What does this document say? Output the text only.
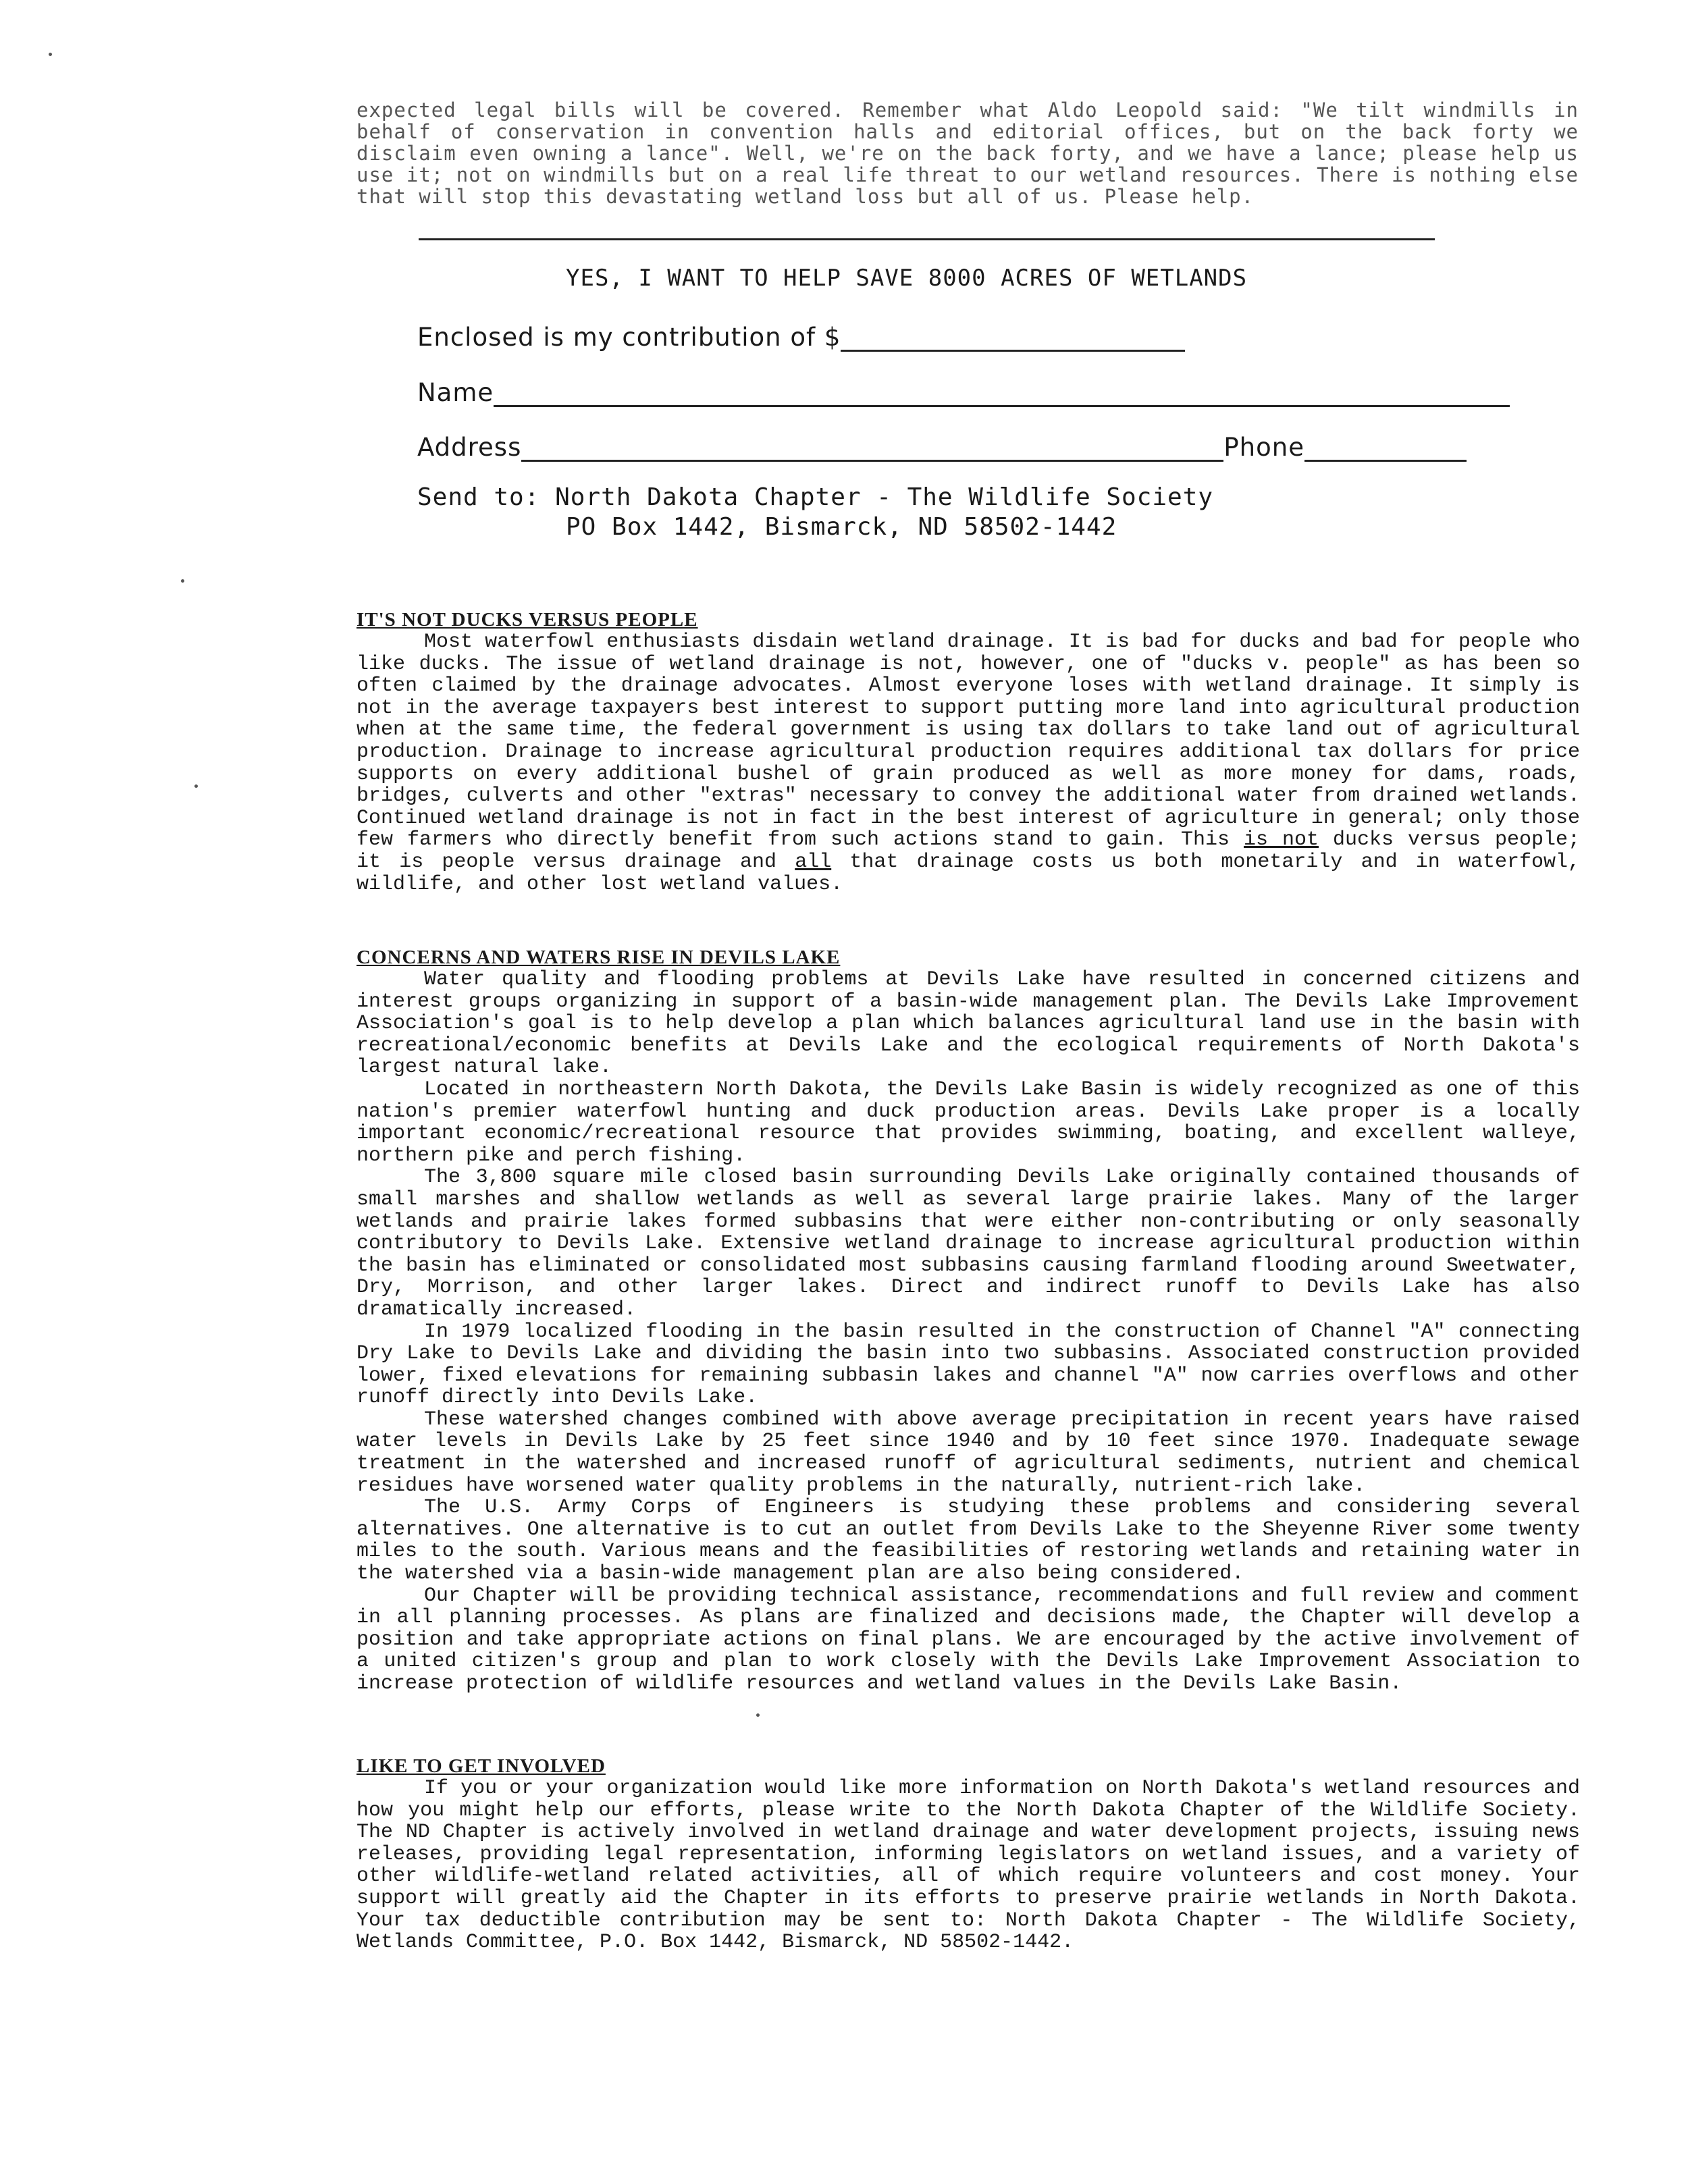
expected legal bills will be covered. Remember what Aldo Leopold said: "We tilt windmills in behalf of conservation in convention halls and editorial offices, but on the back forty we disclaim even owning a lance". Well, we're on the back forty, and we have a lance; please help us use it; not on windmills but on a real life threat to our wetland resources. There is nothing else that will stop this devastating wetland loss but all of us. Please help.

YES, I WANT TO HELP SAVE 8000 ACRES OF WETLANDS
Enclosed is my contribution of $
Name
Address	Phone
Send to: North Dakota Chapter - The Wildlife Society
PO Box 1442, Bismarck, ND 58502-1442
IT'S NOT DUCKS VERSUS PEOPLE

Most waterfowl enthusiasts disdain wetland drainage. It is bad for ducks and bad for people who like ducks. The issue of wetland drainage is not, however, one of "ducks v. people" as has been so often claimed by the drainage advocates. Almost everyone loses with wetland drainage. It simply is not in the average taxpayers best interest to support putting more land into agricultural production when at the same time, the federal government is using tax dollars to take land out of agricultural production. Drainage to increase agricultural production requires additional tax dollars for price supports on every additional bushel of grain produced as well as more money for dams, roads, bridges, culverts and other "extras" necessary to convey the additional water from drained wetlands. Continued wetland drainage is not in fact in the best interest of agriculture in general; only those few farmers who directly benefit from such actions stand to gain. This is not ducks versus people; it is people versus drainage and all that drainage costs us both monetarily and in waterfowl, wildlife, and other lost wetland values.

CONCERNS AND WATERS RISE IN DEVILS LAKE

Water quality and flooding problems at Devils Lake have resulted in concerned citizens and interest groups organizing in support of a basin-wide management plan. The Devils Lake Improvement Association's goal is to help develop a plan which balances agricultural land use in the basin with recreational/economic benefits at Devils Lake and the ecological requirements of North Dakota's largest natural lake.

Located in northeastern North Dakota, the Devils Lake Basin is widely recognized as one of this nation's premier waterfowl hunting and duck production areas. Devils Lake proper is a locally important economic/recreational resource that provides swimming, boating, and excellent walleye, northern pike and perch fishing.

The 3,800 square mile closed basin surrounding Devils Lake originally contained thousands of small marshes and shallow wetlands as well as several large prairie lakes. Many of the larger wetlands and prairie lakes formed subbasins that were either non-contributing or only seasonally contributory to Devils Lake. Extensive wetland drainage to increase agricultural production within the basin has eliminated or consolidated most subbasins causing farmland flooding around Sweetwater, Dry, Morrison, and other larger lakes. Direct and indirect runoff to Devils Lake has also dramatically increased.

In 1979 localized flooding in the basin resulted in the construction of Channel "A" connecting Dry Lake to Devils Lake and dividing the basin into two subbasins. Associated construction provided lower, fixed elevations for remaining subbasin lakes and channel "A" now carries overflows and other runoff directly into Devils Lake.

These watershed changes combined with above average precipitation in recent years have raised water levels in Devils Lake by 25 feet since 1940 and by 10 feet since 1970. Inadequate sewage treatment in the watershed and increased runoff of agricultural sediments, nutrient and chemical residues have worsened water quality problems in the naturally, nutrient-rich lake.

The U.S. Army Corps of Engineers is studying these problems and considering several alternatives. One alternative is to cut an outlet from Devils Lake to the Sheyenne River some twenty miles to the south. Various means and the feasibilities of restoring wetlands and retaining water in the watershed via a basin-wide management plan are also being considered.

Our Chapter will be providing technical assistance, recommendations and full review and comment in all planning processes. As plans are finalized and decisions made, the Chapter will develop a position and take appropriate actions on final plans. We are encouraged by the active involvement of a united citizen's group and plan to work closely with the Devils Lake Improvement Association to increase protection of wildlife resources and wetland values in the Devils Lake Basin.

LIKE TO GET INVOLVED

If you or your organization would like more information on North Dakota's wetland resources and how you might help our efforts, please write to the North Dakota Chapter of the Wildlife Society. The ND Chapter is actively involved in wetland drainage and water development projects, issuing news releases, providing legal representation, informing legislators on wetland issues, and a variety of other wildlife-wetland related activities, all of which require volunteers and cost money. Your support will greatly aid the Chapter in its efforts to preserve prairie wetlands in North Dakota. Your tax deductible contribution may be sent to: North Dakota Chapter - The Wildlife Society, Wetlands Committee, P.O. Box 1442, Bismarck, ND 58502-1442.
